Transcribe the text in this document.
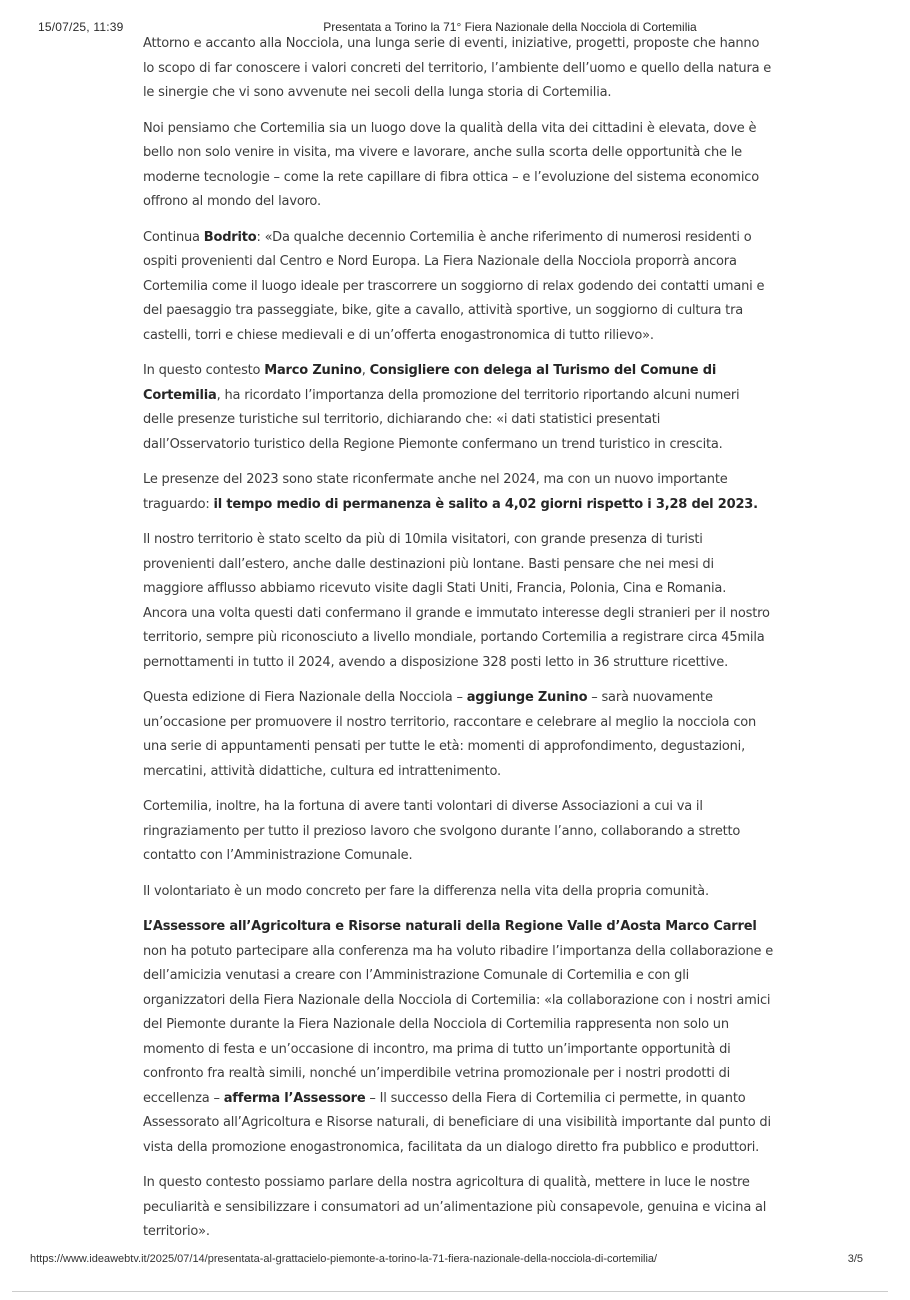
15/07/25, 11:39	Presentata a Torino la 71° Fiera Nazionale della Nocciola di Cortemilia
Attorno e accanto alla Nocciola, una lunga serie di eventi, iniziative, progetti, proposte che hanno
lo scopo di far conoscere i valori concreti del territorio, l’ambiente dell’uomo e quello della natura e
le sinergie che vi sono avvenute nei secoli della lunga storia di Cortemilia.
Noi pensiamo che Cortemilia sia un luogo dove la qualità della vita dei cittadini è elevata, dove è
bello non solo venire in visita, ma vivere e lavorare, anche sulla scorta delle opportunità che le
moderne tecnologie – come la rete capillare di fibra ottica – e l’evoluzione del sistema economico
offrono al mondo del lavoro.
Continua Bodrito: «Da qualche decennio Cortemilia è anche riferimento di numerosi residenti o
ospiti provenienti dal Centro e Nord Europa. La Fiera Nazionale della Nocciola proporrà ancora
Cortemilia come il luogo ideale per trascorrere un soggiorno di relax godendo dei contatti umani e
del paesaggio tra passeggiate, bike, gite a cavallo, attività sportive, un soggiorno di cultura tra
castelli, torri e chiese medievali e di un’offerta enogastronomica di tutto rilievo».
In questo contesto Marco Zunino, Consigliere con delega al Turismo del Comune di
Cortemilia, ha ricordato l’importanza della promozione del territorio riportando alcuni numeri
delle presenze turistiche sul territorio, dichiarando che: «i dati statistici presentati
dall’Osservatorio turistico della Regione Piemonte confermano un trend turistico in crescita.
Le presenze del 2023 sono state riconfermate anche nel 2024, ma con un nuovo importante
traguardo: il tempo medio di permanenza è salito a 4,02 giorni rispetto i 3,28 del 2023.
Il nostro territorio è stato scelto da più di 10mila visitatori, con grande presenza di turisti
provenienti dall’estero, anche dalle destinazioni più lontane. Basti pensare che nei mesi di
maggiore afflusso abbiamo ricevuto visite dagli Stati Uniti, Francia, Polonia, Cina e Romania.
Ancora una volta questi dati confermano il grande e immutato interesse degli stranieri per il nostro
territorio, sempre più riconosciuto a livello mondiale, portando Cortemilia a registrare circa 45mila
pernottamenti in tutto il 2024, avendo a disposizione 328 posti letto in 36 strutture ricettive.
Questa edizione di Fiera Nazionale della Nocciola – aggiunge Zunino – sarà nuovamente
un’occasione per promuovere il nostro territorio, raccontare e celebrare al meglio la nocciola con
una serie di appuntamenti pensati per tutte le età: momenti di approfondimento, degustazioni,
mercatini, attività didattiche, cultura ed intrattenimento.
Cortemilia, inoltre, ha la fortuna di avere tanti volontari di diverse Associazioni a cui va il
ringraziamento per tutto il prezioso lavoro che svolgono durante l’anno, collaborando a stretto
contatto con l’Amministrazione Comunale.
Il volontariato è un modo concreto per fare la differenza nella vita della propria comunità.
L’Assessore all’Agricoltura e Risorse naturali della Regione Valle d’Aosta Marco Carrel
non ha potuto partecipare alla conferenza ma ha voluto ribadire l’importanza della collaborazione e
dell’amicizia venutasi a creare con l’Amministrazione Comunale di Cortemilia e con gli
organizzatori della Fiera Nazionale della Nocciola di Cortemilia: «la collaborazione con i nostri amici
del Piemonte durante la Fiera Nazionale della Nocciola di Cortemilia rappresenta non solo un
momento di festa e un’occasione di incontro, ma prima di tutto un’importante opportunità di
confronto fra realtà simili, nonché un’imperdibile vetrina promozionale per i nostri prodotti di
eccellenza – afferma l’Assessore – Il successo della Fiera di Cortemilia ci permette, in quanto
Assessorato all’Agricoltura e Risorse naturali, di beneficiare di una visibilità importante dal punto di
vista della promozione enogastronomica, facilitata da un dialogo diretto fra pubblico e produttori.
In questo contesto possiamo parlare della nostra agricoltura di qualità, mettere in luce le nostre
peculiarità e sensibilizzare i consumatori ad un’alimentazione più consapevole, genuina e vicina al
territorio».
https://www.ideawebtv.it/2025/07/14/presentata-al-grattacielo-piemonte-a-torino-la-71-fiera-nazionale-della-nocciola-di-cortemilia/	3/5
